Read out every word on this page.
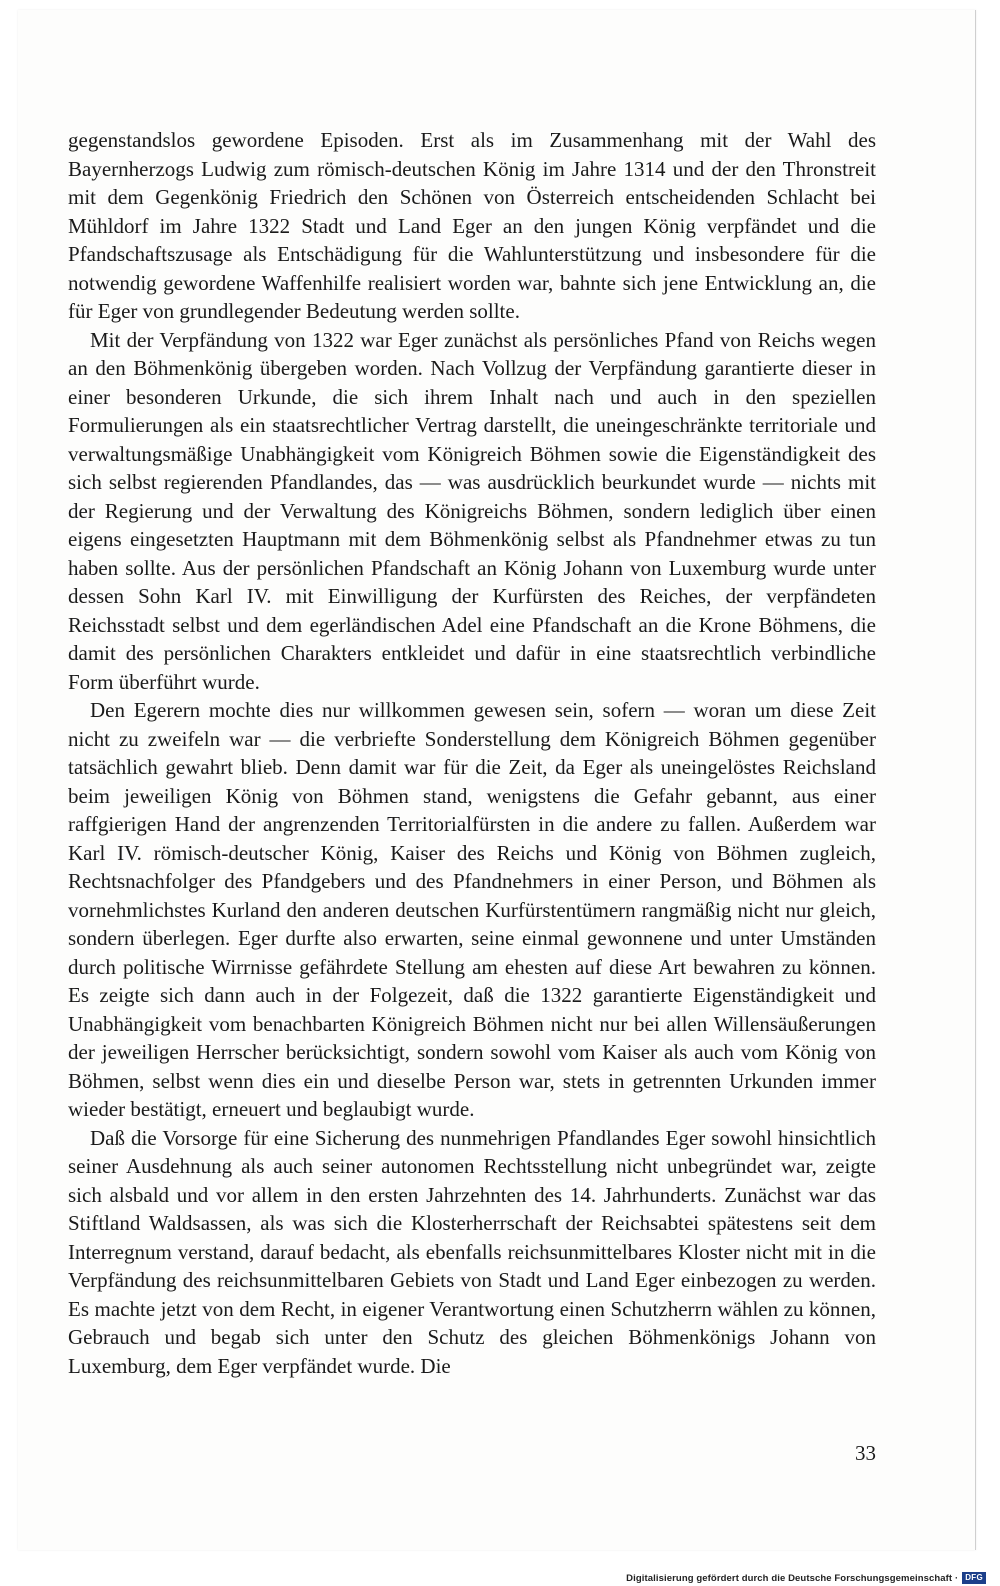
gegenstandslos gewordene Episoden. Erst als im Zusammenhang mit der Wahl des Bayernherzogs Ludwig zum römisch-deutschen König im Jahre 1314 und der den Thronstreit mit dem Gegenkönig Friedrich den Schönen von Österreich entscheidenden Schlacht bei Mühldorf im Jahre 1322 Stadt und Land Eger an den jungen König verpfändet und die Pfandschaftszusage als Entschädigung für die Wahlunterstützung und insbesondere für die notwendig gewordene Waffenhilfe realisiert worden war, bahnte sich jene Entwicklung an, die für Eger von grundlegender Bedeutung werden sollte.

Mit der Verpfändung von 1322 war Eger zunächst als persönliches Pfand von Reichs wegen an den Böhmenkönig übergeben worden. Nach Vollzug der Verpfändung garantierte dieser in einer besonderen Urkunde, die sich ihrem Inhalt nach und auch in den speziellen Formulierungen als ein staatsrechtlicher Vertrag darstellt, die uneingeschränkte territoriale und verwaltungsmäßige Unabhängigkeit vom Königreich Böhmen sowie die Eigenständigkeit des sich selbst regierenden Pfandlandes, das — was ausdrücklich beurkundet wurde — nichts mit der Regierung und der Verwaltung des Königreichs Böhmen, sondern lediglich über einen eigens eingesetzten Hauptmann mit dem Böhmenkönig selbst als Pfandnehmer etwas zu tun haben sollte. Aus der persönlichen Pfandschaft an König Johann von Luxemburg wurde unter dessen Sohn Karl IV. mit Einwilligung der Kurfürsten des Reiches, der verpfändeten Reichsstadt selbst und dem egerländischen Adel eine Pfandschaft an die Krone Böhmens, die damit des persönlichen Charakters entkleidet und dafür in eine staatsrechtlich verbindliche Form überführt wurde.

Den Egerern mochte dies nur willkommen gewesen sein, sofern — woran um diese Zeit nicht zu zweifeln war — die verbriefte Sonderstellung dem Königreich Böhmen gegenüber tatsächlich gewahrt blieb. Denn damit war für die Zeit, da Eger als uneingelöstes Reichsland beim jeweiligen König von Böhmen stand, wenigstens die Gefahr gebannt, aus einer raffgierigen Hand der angrenzenden Territorialfürsten in die andere zu fallen. Außerdem war Karl IV. römisch-deutscher König, Kaiser des Reichs und König von Böhmen zugleich, Rechtsnachfolger des Pfandgebers und des Pfandnehmers in einer Person, und Böhmen als vornehmlichstes Kurland den anderen deutschen Kurfürstentümern rangmäßig nicht nur gleich, sondern überlegen. Eger durfte also erwarten, seine einmal gewonnene und unter Umständen durch politische Wirrnisse gefährdete Stellung am ehesten auf diese Art bewahren zu können. Es zeigte sich dann auch in der Folgezeit, daß die 1322 garantierte Eigenständigkeit und Unabhängigkeit vom benachbarten Königreich Böhmen nicht nur bei allen Willensäußerungen der jeweiligen Herrscher berücksichtigt, sondern sowohl vom Kaiser als auch vom König von Böhmen, selbst wenn dies ein und dieselbe Person war, stets in getrennten Urkunden immer wieder bestätigt, erneuert und beglaubigt wurde.

Daß die Vorsorge für eine Sicherung des nunmehrigen Pfandlandes Eger sowohl hinsichtlich seiner Ausdehnung als auch seiner autonomen Rechtsstellung nicht unbegründet war, zeigte sich alsbald und vor allem in den ersten Jahrzehnten des 14. Jahrhunderts. Zunächst war das Stiftland Waldsassen, als was sich die Klosterherrschaft der Reichsabtei spätestens seit dem Interregnum verstand, darauf bedacht, als ebenfalls reichsunmittelbares Kloster nicht mit in die Verpfändung des reichsunmittelbaren Gebiets von Stadt und Land Eger einbezogen zu werden. Es machte jetzt von dem Recht, in eigener Verantwortung einen Schutzherrn wählen zu können, Gebrauch und begab sich unter den Schutz des gleichen Böhmenkönigs Johann von Luxemburg, dem Eger verpfändet wurde. Die

33
Digitalisierung gefördert durch die Deutsche Forschungsgemeinschaft · DFG
